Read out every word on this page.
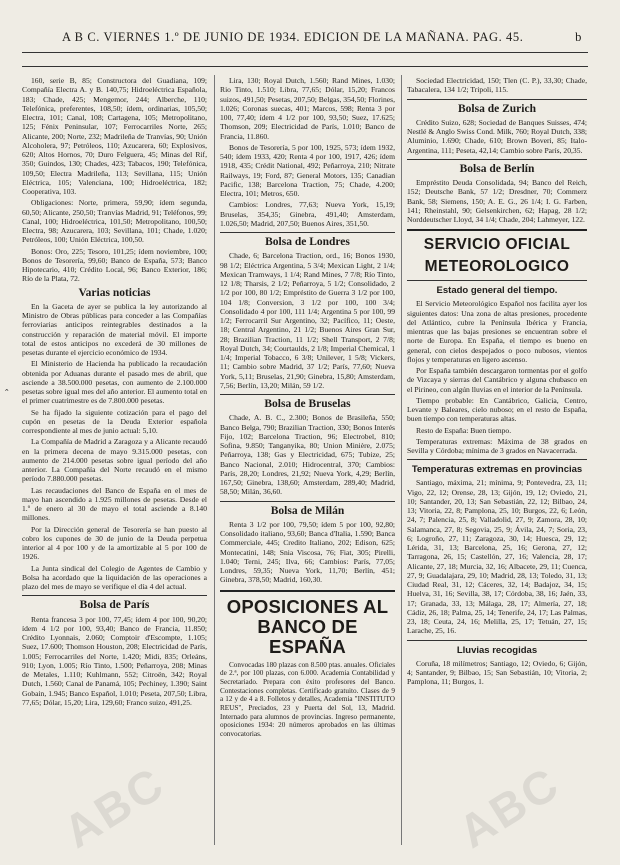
A B C. VIERNES 1.º DE JUNIO DE 1934. EDICION DE LA MAÑANA. PAG. 45.	b

160, serie B, 85; Constructora del Guadiana, 109; Compañía Electra A. y B. 140,75; Hidroeléctrica Española, 183; Chade, 425; Mengemor, 244; Alberche, 110; Telefónica, preferentes, 108,50; ídem, ordinarias, 105,50; Electra, 101; Canal, 108; Cartagena, 105; Metropolitano, 125; Fénix Peninsular, 107; Ferrocarriles Norte, 265; Alicante, 200; Norte, 232; Madrileña de Tranvías, 90; Unión Alcoholera, 97; Petróleos, 110; Azucarera, 60; Explosivos, 620; Altos Hornos, 70; Duro Felguera, 45; Minas del Rif, 350; Guindos, 130; Chades, 423; Tabacos, 190; Telefónica, 109,50; Electra Madrileña, 113; Sevillana, 115; Unión Eléctrica, 105; Valenciana, 100; Hidroeléctrica, 182; Cooperativa, 103.

Obligaciones: Norte, primera, 59,90; ídem segunda, 60,50; Alicante, 250,50; Tranvías Madrid, 91; Teléfonos, 99; Canal, 100; Hidroeléctrica, 101,50; Metropolitano, 100,50; Electra, 98; Azucarera, 103; Sevillana, 101; Chade, 1.020; Petróleos, 100; Unión Eléctrica, 100,50.

Bonos: Oro, 225; Tesoro, 101,25; ídem noviembre, 100; Bonos de Tesorería, 99,60; Banco de España, 573; Banco Hipotecario, 410; Crédito Local, 96; Banco Exterior, 186; Río de la Plata, 72.

Varias noticias

En la Gaceta de ayer se publica la ley autorizando al Ministro de Obras públicas para conceder a las Compañías ferroviarias anticipos reintegrables destinados a la construcción y reparación de material móvil. El importe total de estos anticipos no excederá de 30 millones de pesetas durante el ejercicio económico de 1934.

El Ministerio de Hacienda ha publicado la recaudación obtenida por Aduanas durante el pasado mes de abril, que asciende a 38.500.000 pesetas, con aumento de 2.100.000 pesetas sobre igual mes del año anterior. El aumento total en el primer cuatrimestre es de 7.800.000 pesetas.

Se ha fijado la siguiente cotización para el pago del cupón en pesetas de la Deuda Exterior española correspondiente al mes de junio actual: 5,10.

La Compañía de Madrid a Zaragoza y a Alicante recaudó en la primera decena de mayo 9.315.000 pesetas, con aumento de 214.000 pesetas sobre igual período del año anterior. La Compañía del Norte recaudó en el mismo período 7.880.000 pesetas.

Las recaudaciones del Banco de España en el mes de mayo han ascendido a 1.925 millones de pesetas. Desde el 1.º de enero al 30 de mayo el total asciende a 8.140 millones.

Por la Dirección general de Tesorería se han puesto al cobro los cupones de 30 de junio de la Deuda perpetua interior al 4 por 100 y de la amortizable al 5 por 100 de 1926.

La Junta sindical del Colegio de Agentes de Cambio y Bolsa ha acordado que la liquidación de las operaciones a plazo del mes de mayo se verifique el día 4 del actual.

Bolsa de París

Renta francesa 3 por 100, 77,45; ídem 4 por 100, 90,20; ídem 4 1/2 por 100, 93,40; Banco de Francia, 11.850; Crédito Lyonnais, 2.060; Comptoir d'Escompte, 1.105; Suez, 17.600; Thomson Houston, 208; Electricidad de París, 1.005; Ferrocarriles del Norte, 1.420; Midi, 835; Orleáns, 910; Lyon, 1.005; Río Tinto, 1.500; Peñarroya, 208; Minas de Metales, 1.110; Kuhlmann, 552; Citroën, 342; Royal Dutch, 1.560; Canal de Panamá, 105; Pechiney, 1.390; Saint Gobain, 1.945; Banco Español, 1.010; Peseta, 207,50; Libra, 77,65; Dólar, 15,20; Lira, 129,60; Franco suizo, 491,25.

Lira, 130; Royal Dutch, 1.560; Rand Mines, 1.030; Rio Tinto, 1.510; Libra, 77,65; Dólar, 15,20; Francos suizos, 491,50; Pesetas, 207,50; Belgas, 354,50; Florines, 1.026; Coronas suecas, 401; Marcos, 598; Renta 3 por 100, 77,40; ídem 4 1/2 por 100, 93,50; Suez, 17.625; Thomson, 209; Electricidad de París, 1.010; Banco de Francia, 11.860.

Bonos de Tesorería, 5 por 100, 1925, 573; ídem 1932, 540; ídem 1933, 420; Renta 4 por 100, 1917, 426; ídem 1918, 435; Crédit National, 492; Peñarroya, 210; Nitrate Railways, 19; Ford, 87; General Motors, 135; Canadian Pacific, 138; Barcelona Traction, 75; Chade, 4.200; Electra, 101; Metros, 650.

Cambios: Londres, 77,63; Nueva York, 15,19; Bruselas, 354,35; Ginebra, 491,40; Amsterdam, 1.026,50; Madrid, 207,50; Buenos Aires, 351,50.

Bolsa de Londres

Chade, 6; Barcelona Traction, ord., 16; Bonos 1930, 98 1/2; Eléctrica Argentina, 5 3/4; Mexican Light, 2 1/4; Mexican Tramways, 1 1/4; Rand Mines, 7 7/8; Río Tinto, 12 1/8; Tharsis, 2 1/2; Peñarroya, 5 1/2; Consolidado, 2 1/2 por 100, 80 1/2; Empréstito de Guerra 3 1/2 por 100, 104 1/8; Conversion, 3 1/2 por 100, 100 3/4; Consolidado 4 por 100, 111 1/4; Argentina 5 por 100, 99 1/2; Ferrocarril Sur Argentino, 32; Pacífico, 11; Oeste, 18; Central Argentino, 21 1/2; Buenos Aires Gran Sur, 28; Brazilian Traction, 11 1/2; Shell Transport, 2 7/8; Royal Dutch, 34; Courtaulds, 2 1/8; Imperial Chemical, 1 1/4; Imperial Tobacco, 6 3/8; Unilever, 1 5/8; Vickers, 11; Cambio sobre Madrid, 37 1/2; París, 77,60; Nueva York, 5,11; Bruselas, 21,90; Ginebra, 15,80; Amsterdam, 7,56; Berlín, 13,20; Milán, 59 1/2.

Bolsa de Bruselas

Chade, A. B. C., 2.300; Bonos de Brasileña, 550; Banco Belga, 790; Brazilian Traction, 330; Bonos Interés Fijo, 102; Barcelona Traction, 96; Electrobel, 810; Sofina, 9.850; Tanganyika, 80; Union Minière, 2.075; Peñarroya, 138; Gas y Electricidad, 675; Tubize, 25; Banco Nacional, 2.010; Hidrocentral, 370; Cambios: París, 28,20; Londres, 21,92; Nueva York, 4,29; Berlín, 167,50; Ginebra, 138,60; Amsterdam, 289,40; Madrid, 58,50; Milán, 36,60.

Bolsa de Milán

Renta 3 1/2 por 100, 79,50; ídem 5 por 100, 92,80; Consolidado italiano, 93,60; Banca d'Italia, 1.590; Banca Commerciale, 445; Credito Italiano, 202; Edison, 625; Montecatini, 148; Snia Viscosa, 76; Fiat, 305; Pirelli, 1.040; Terni, 245; Ilva, 66; Cambios: París, 77,05; Londres, 59,35; Nueva York, 11,70; Berlín, 451; Ginebra, 378,50; Madrid, 160,30.

OPOSICIONES AL BANCO DE ESPAÑA

Convocadas 180 plazas con 8.500 ptas. anuales. Oficiales de 2.ª, por 100 plazas, con 6.000. Academia Contabilidad y Secretariado. Prepara con éxito profesores del Banco. Contestaciones completas. Certificado gratuito. Clases de 9 a 12 y de 4 a 8. Folletos y detalles, Academia "INSTITUTO REUS", Preciados, 23 y Puerta del Sol, 13, Madrid. Internado para alumnos de provincias. Ingreso permanente, oposiciones 1934: 20 números aprobados en las últimas convocatorias.

Sociedad Electricidad, 150; Tlen (C. P.), 33,30; Chade, Tabacalera, 134 1/2; Tripoli, 115.

Bolsa de Zurich

Crédito Suizo, 628; Sociedad de Banques Suisses, 474; Nestlé & Anglo Swiss Cond. Milk, 760; Royal Dutch, 338; Aluminio, 1.690; Chade, 610; Brown Boveri, 85; Italo-Argentina, 111; Peseta, 42,14; Cambio sobre París, 20,35.

Bolsa de Berlín

Empréstito Deuda Consolidada, 94; Banco del Reich, 152; Deutsche Bank, 57 1/2; Dresdner, 70; Commerz Bank, 58; Siemens, 150; A. E. G., 26 1/4; I. G. Farben, 141; Rheinstahl, 90; Gelsenkirchen, 62; Hapag, 28 1/2; Norddeutscher Lloyd, 34 1/4; Chade, 204; Lahmeyer, 122.

SERVICIO OFICIAL
METEOROLOGICO
Estado general del tiempo.

El Servicio Meteorológico Español nos facilita ayer los siguientes datos: Una zona de altas presiones, procedente del Atlántico, cubre la Península Ibérica y Francia, mientras que las bajas presiones se encuentran sobre el norte de Europa. En España, el tiempo es bueno en general, con cielos despejados o poco nubosos, vientos flojos y temperaturas en ligero ascenso.

Por España también descargaron tormentas por el golfo de Vizcaya y sierras del Cantábrico y alguna chubasco en el Pirineo, con algún lluvias en el interior de la Península.

Tiempo probable: En Cantábrico, Galicia, Centro, Levante y Baleares, cielo nuboso; en el resto de España, buen tiempo con temperaturas altas.

Resto de España: Buen tiempo.

Temperaturas extremas: Máxima de 38 grados en Sevilla y Córdoba; mínima de 3 grados en Navacerrada.

Temperaturas extremas en provincias

Santiago, máxima, 21; mínima, 9; Pontevedra, 23, 11; Vigo, 22, 12; Orense, 28, 13; Gijón, 19, 12; Oviedo, 21, 10; Santander, 20, 13; San Sebastián, 22, 12; Bilbao, 24, 13; Vitoria, 22, 8; Pamplona, 25, 10; Burgos, 22, 6; León, 24, 7; Palencia, 25, 8; Valladolid, 27, 9; Zamora, 28, 10; Salamanca, 27, 8; Segovia, 25, 9; Ávila, 24, 7; Soria, 23, 6; Logroño, 27, 11; Zaragoza, 30, 14; Huesca, 29, 12; Lérida, 31, 13; Barcelona, 25, 16; Gerona, 27, 12; Tarragona, 26, 15; Castellón, 27, 16; Valencia, 28, 17; Alicante, 27, 18; Murcia, 32, 16; Albacete, 29, 11; Cuenca, 27, 9; Guadalajara, 29, 10; Madrid, 28, 13; Toledo, 31, 13; Ciudad Real, 31, 12; Cáceres, 32, 14; Badajoz, 34, 15; Huelva, 31, 16; Sevilla, 38, 17; Córdoba, 38, 16; Jaén, 33, 17; Granada, 33, 13; Málaga, 28, 17; Almería, 27, 18; Cádiz, 26, 18; Palma, 25, 14; Tenerife, 24, 17; Las Palmas, 23, 18; Ceuta, 24, 16; Melilla, 25, 17; Tetuán, 27, 15; Larache, 25, 16.

Lluvias recogidas

Coruña, 18 milímetros; Santiago, 12; Oviedo, 6; Gijón, 4; Santander, 9; Bilbao, 15; San Sebastián, 10; Vitoria, 2; Pamplona, 11; Burgos, 1.

ABC	ABC
ˆ
